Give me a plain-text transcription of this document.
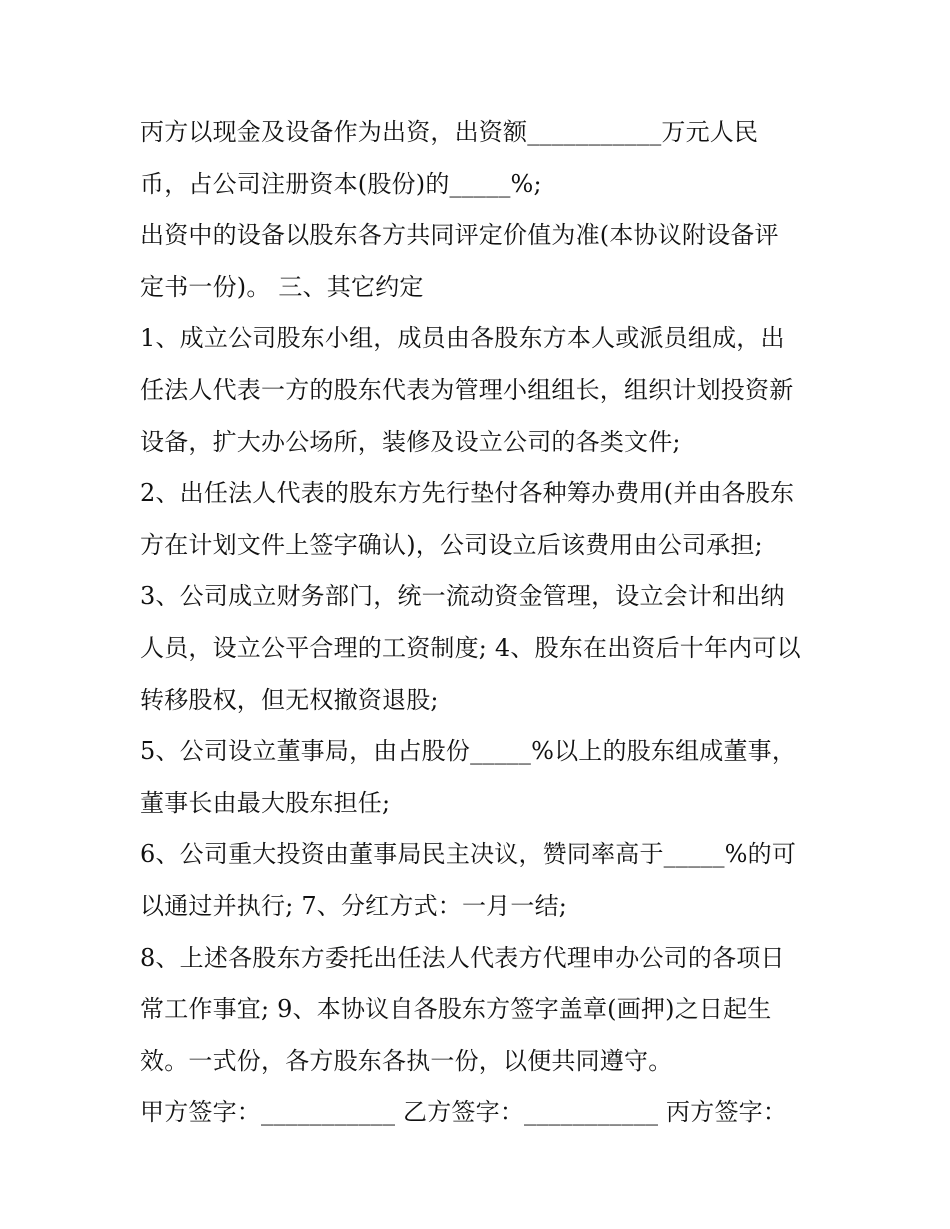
丙方以现金及设备作为出资，出资额___________万元人民
币，占公司注册资本(股份)的_____%;
出资中的设备以股东各方共同评定价值为准(本协议附设备评
定书一份)。 三、其它约定
1、成立公司股东小组，成员由各股东方本人或派员组成，出
任法人代表一方的股东代表为管理小组组长，组织计划投资新
设备，扩大办公场所，装修及设立公司的各类文件;
2、出任法人代表的股东方先行垫付各种筹办费用(并由各股东
方在计划文件上签字确认)，公司设立后该费用由公司承担;
3、公司成立财务部门，统一流动资金管理，设立会计和出纳
人员，设立公平合理的工资制度; 4、股东在出资后十年内可以
转移股权，但无权撤资退股;
5、公司设立董事局，由占股份_____%以上的股东组成董事，
董事长由最大股东担任;
6、公司重大投资由董事局民主决议，赞同率高于_____%的可
以通过并执行; 7、分红方式：一月一结;
8、上述各股东方委托出任法人代表方代理申办公司的各项日
常工作事宜; 9、本协议自各股东方签字盖章(画押)之日起生
效。一式份，各方股东各执一份，以便共同遵守。
甲方签字：___________ 乙方签字：___________ 丙方签字：
